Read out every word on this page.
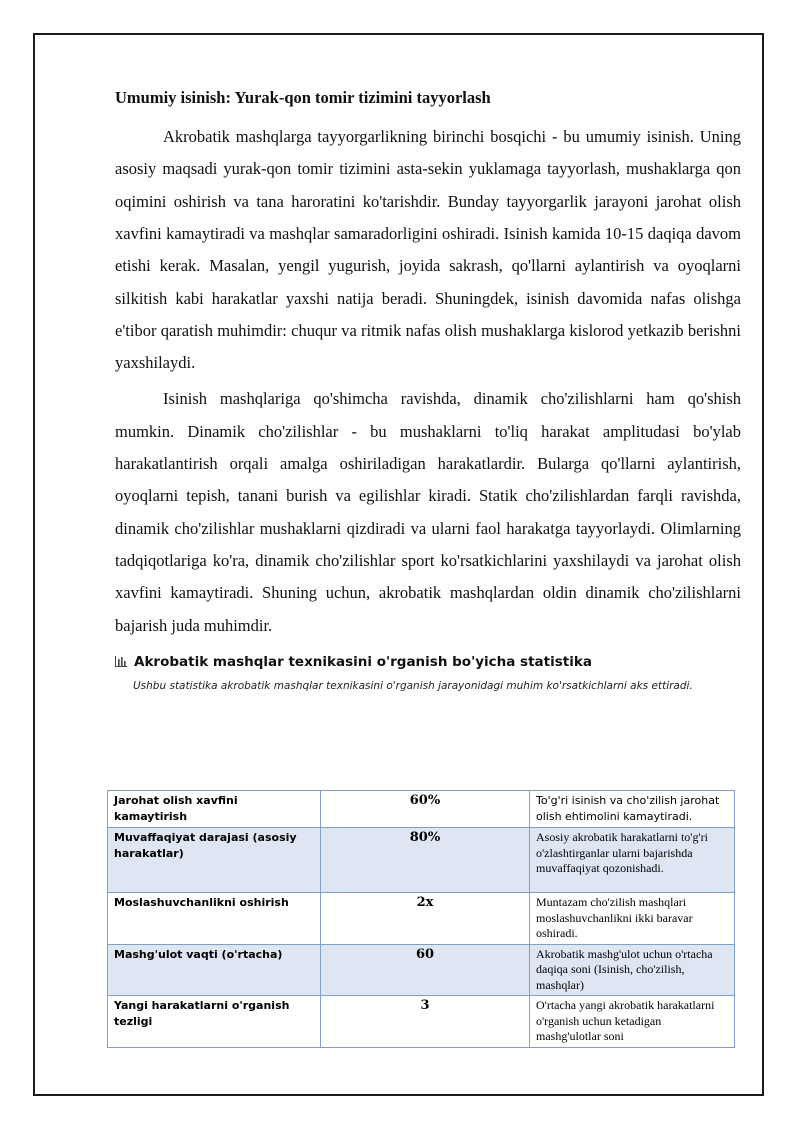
Umumiy isinish: Yurak-qon tomir tizimini tayyorlash

Akrobatik mashqlarga tayyorgarlikning birinchi bosqichi - bu umumiy isinish. Uning asosiy maqsadi yurak-qon tomir tizimini asta-sekin yuklamaga tayyorlash, mushaklarga qon oqimini oshirish va tana haroratini ko'tarishdir. Bunday tayyorgarlik jarayoni jarohat olish xavfini kamaytiradi va mashqlar samaradorligini oshiradi. Isinish kamida 10-15 daqiqa davom etishi kerak. Masalan, yengil yugurish, joyida sakrash, qo'llarni aylantirish va oyoqlarni silkitish kabi harakatlar yaxshi natija beradi. Shuningdek, isinish davomida nafas olishga e'tibor qaratish muhimdir: chuqur va ritmik nafas olish mushaklarga kislorod yetkazib berishni yaxshilaydi.

Isinish mashqlariga qo'shimcha ravishda, dinamik cho'zilishlarni ham qo'shish mumkin. Dinamik cho'zilishlar - bu mushaklarni to'liq harakat amplitudasi bo'ylab harakatlantirish orqali amalga oshiriladigan harakatlardir. Bularga qo'llarni aylantirish, oyoqlarni tepish, tanani burish va egilishlar kiradi. Statik cho'zilishlardan farqli ravishda, dinamik cho'zilishlar mushaklarni qizdiradi va ularni faol harakatga tayyorlaydi. Olimlarning tadqiqotlariga ko'ra, dinamik cho'zilishlar sport ko'rsatkichlarini yaxshilaydi va jarohat olish xavfini kamaytiradi. Shuning uchun, akrobatik mashqlardan oldin dinamik cho'zilishlarni bajarish juda muhimdir.

Akrobatik mashqlar texnikasini o'rganish bo'yicha statistika
Ushbu statistika akrobatik mashqlar texnikasini o'rganish jarayonidagi muhim ko'rsatkichlarni aks ettiradi.
Jarohat olish xavfini kamaytirish	60%	To'g'ri isinish va cho'zilish jarohat olish ehtimolini kamaytiradi.
Muvaffaqiyat darajasi (asosiy harakatlar)	80%	Asosiy akrobatik harakatlarni to'g'ri o'zlashtirganlar ularni bajarishda muvaffaqiyat qozonishadi.
Moslashuvchanlikni oshirish	2x	Muntazam cho'zilish mashqlari moslashuvchanlikni ikki baravar oshiradi.
Mashg'ulot vaqti (o'rtacha)	60	Akrobatik mashg'ulot uchun o'rtacha daqiqa soni (Isinish, cho'zilish, mashqlar)
Yangi harakatlarni o'rganish tezligi	3	O'rtacha yangi akrobatik harakatlarni o'rganish uchun ketadigan mashg'ulotlar soni
